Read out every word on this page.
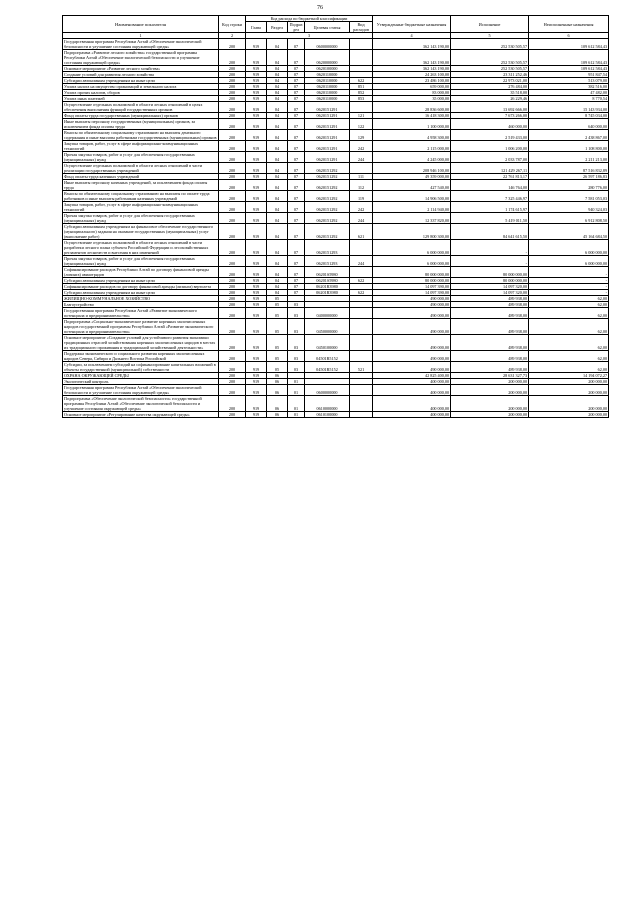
76
Наименование показателя	Код строки	Код расхода по бюджетной классификации					Утвержденные бюджетные назначения	Исполнение	Неисполненные назначения
		Глава	Раздел	Подраз дел	Целевая статья	Вид расходов			
1	2	3					4	5	6
Государственная программа Республики Алтай «Обеспечение экологической безопасности и улучшение состояния окружающей среды»	200	919	04	07	0600000000		362 143 190,00	252 530 505,57	109 612 584,43
Подпрограмма «Развитие лесного хозяйства» государственной программы Республики Алтай «Обеспечение экологической безопасности и улучшение состояния окружающей среды»	200	919	04	07	0620000000		362 143 190,00	252 530 505,57	109 612 584,43
Основное мероприятие «Развитие лесного хозяйства»	200	919	04	07	0620100000		362 143 190,00	252 530 505,57	109 612 584,43
Создание условий для развития лесного хозяйства	200	919	04	07	0620110000		24 263 100,00	23 311 252,46	951 847,54
Субсидии автономным учреждениям на иные цели	200	919	04	07	0620110000	622	23 486 100,00	22 973 021,00	513 079,00
Уплата налога на имущество организаций и земельного налога	200	919	04	07	0620110000	851	659 000,00	276 484,00	382 516,00
Уплата прочих налогов, сборов	200	919	04	07	0620110000	852	83 000,00	35 518,00	47 482,00
Уплата иных платежей	200	919	04	07	0620110000	853	35 000,00	26 229,46	8 770,54
Осуществление отдельных полномочий в области лесных отношений в целях обеспечения выполнения функций государственных органов	200	919	04	07	0620151291		28 836 600,00	13 692 666,00	15 143 934,00
Фонд оплаты труда государственных (муниципальных) органов	200	919	04	07	0620151291	121	16 418 300,00	7 673 266,00	8 745 034,00
Иные выплаты персоналу государственных (муниципальных) органов, за исключением фонда оплаты труда	200	919	04	07	0620151291	122	1 100 000,00	460 000,00	640 000,00
Взносы по обязательному социальному страхованию на выплаты денежного содержания и иные выплаты работникам государственных (муниципальных) органов	200	919	04	07	0620151291	129	4 958 300,00	2 519 433,00	2 438 867,00
Закупка товаров, работ, услуг в сфере информационно-коммуникационных технологий	200	919	04	07	0620151291	242	2 115 000,00	1 006 200,00	1 108 800,00
Прочая закупка товаров, работ и услуг для обеспечения государственных (муниципальных) нужд	200	919	04	07	0620151291	244	4 245 000,00	2 033 787,00	2 211 213,00
Осуществление отдельных полномочий в области лесных отношений в части реализации государственных учреждений	200	919	04	07	0620151292		208 946 100,00	121 429 267,11	87 516 832,89
Фонд оплаты труда казенных учреждений	200	919	04	07	0620151292	111	49 359 000,00	22 761 813,17	26 597 186,83
Иные выплаты персоналу казенных учреждений, за исключением фонда оплаты труда	200	919	04	07	0620151292	112	427 540,00	146 764,00	280 776,00
Взносы по обязательному социальному страхованию на выплаты по оплате труда работников и иные выплаты работникам казенных учреждений	200	919	04	07	0620151292	119	14 906 500,00	7 325 446,97	7 581 053,03
Закупка товаров, работ, услуг в сфере информационно-коммуникационных технологий	200	919	04	07	0620151292	242	2 114 940,00	1 174 615,97	940 324,03
Прочая закупка товаров, работ и услуг для обеспечения государственных (муниципальных) нужд	200	919	04	07	0620151292	244	12 337 820,00	5 419 011,50	6 912 808,50
Субсидии автономным учреждениям на финансовое обеспечение государственного (муниципального) задания на оказание государственных (муниципальных) услуг (выполнение работ)	200	919	04	07	0620151292	621	129 800 300,00	84 641 615,50	45 164 684,50
Осуществление отдельных полномочий в области лесных отношений в части разработки лесного плана субъекта Российской Федерации и лесохозяйственных регламентов лесничеств и внесения в них изменений	200	919	04	07	0620151293		6 000 000,00	-	6 000 000,00
Прочая закупка товаров, работ и услуг для обеспечения государственных (муниципальных) нужд	200	919	04	07	0620151293	244	6 000 000,00	-	6 000 000,00
Софинансирование расходов Республики Алтай по договору финансовой аренды (лизинга) авиаотрядов	200	919	04	07	06201S5980		80 000 000,00	80 000 000,00	-
Субсидии автономным учреждениям на иные цели	200	919	04	07	06201S5980	622	80 000 000,00	80 000 000,00	-
Софинансирование расходов по договору финансовой аренды (лизинга) вертолета	200	919	04	07	06201R3980		14 097 390,00	14 097 320,00	-
Субсидии автономным учреждениям на иные цели	200	919	04	07	06201R3980	622	14 097 390,00	14 097 320,00	-
ЖИЛИЩНО-КОММУНАЛЬНОЕ ХОЗЯЙСТВО	200	919	05				490 000,00	489 938,00	62,00
Благоустройство	200	919	05	03			490 000,00	489 938,00	62,00
Государственная программа Республики Алтай «Развитие экономического потенциала и предпринимательства»	200	919	05	03	0400000000		490 000,00	489 938,00	62,00
Подпрограмма «Социально-экономическое развитие коренных малочисленных народов государственной программы Республики Алтай «Развитие экономического потенциала и предпринимательства»	200	919	05	03	0450000000		490 000,00	489 938,00	62,00
Основное мероприятие «Создание условий для устойчивого развития экономики традиционных отраслей хозяйствования коренных малочисленных народов в местах их традиционного проживания и традиционной хозяйственной деятельности»	200	919	05	03	0450100000		490 000,00	489 938,00	62,00
Поддержка экономического и социального развития коренных малочисленных народов Севера, Сибири и Дальнего Востока Российской	200	919	05	03	04501R5152		490 000,00	489 938,00	62,00
Субсидии, за исключением субсидий на софинансирование капитальных вложений в объекты государственной (муниципальной) собственности	200	919	05	03	04501R5152	521	490 000,00	489 938,00	62,00
ОХРАНА ОКРУЖАЮЩЕЙ СРЕДЫ	200	919	06				42 825 400,00	28 631 327,73	14 194 072,27
Экологический контроль	200	919	06	01			400 000,00	200 000,00	200 000,00
Государственная программа Республики Алтай «Обеспечение экологической безопасности и улучшение состояния окружающей среды»	200	919	06	01	0600000000		400 000,00	200 000,00	200 000,00
Подпрограмма «Обеспечение экологической безопасности» государственной программы Республики Алтай «Обеспечение экологической безопасности и улучшение состояния окружающей среды»	200	919	06	01	0610000000		400 000,00	200 000,00	200 000,00
Основное мероприятие «Регулирование качества окружающей среды»	200	919	06	01	0610100000		400 000,00	200 000,00	200 000,00
